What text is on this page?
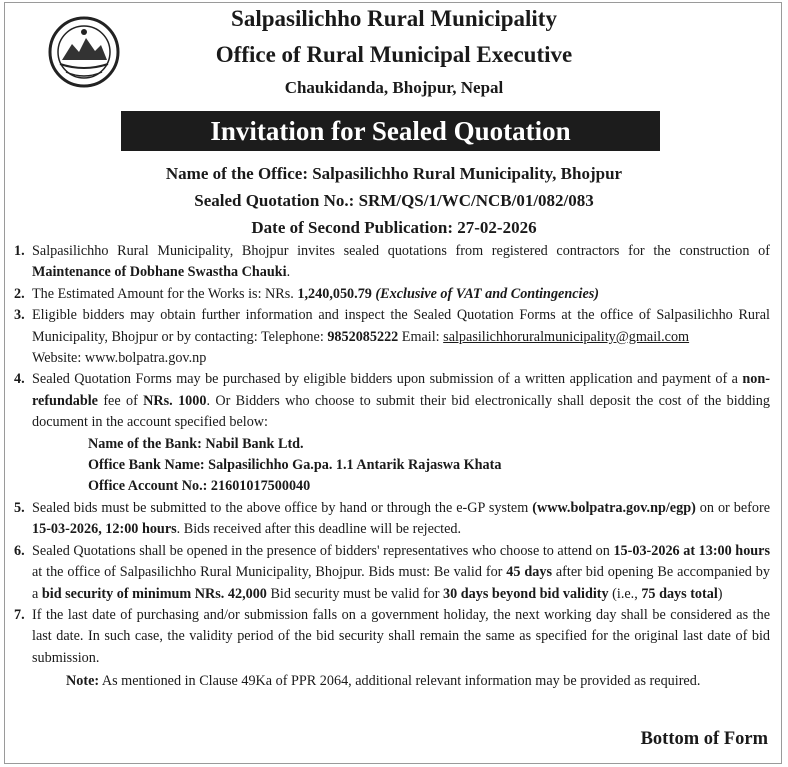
Salpasilichho Rural Municipality
Office of Rural Municipal Executive
Chaukidanda, Bhojpur, Nepal
Invitation for Sealed Quotation
Name of the Office: Salpasilichho Rural Municipality, Bhojpur
Sealed Quotation No.: SRM/QS/1/WC/NCB/01/082/083
Date of Second Publication: 27-02-2026
1. Salpasilichho Rural Municipality, Bhojpur invites sealed quotations from registered contractors for the construction of Maintenance of Dobhane Swastha Chauki.
2. The Estimated Amount for the Works is: NRs. 1,240,050.79 (Exclusive of VAT and Contingencies)
3. Eligible bidders may obtain further information and inspect the Sealed Quotation Forms at the office of Salpasilichho Rural Municipality, Bhojpur or by contacting: Telephone: 9852085222 Email: salpasilichhoruralmunicipality@gmail.com
Website: www.bolpatra.gov.np
4. Sealed Quotation Forms may be purchased by eligible bidders upon submission of a written application and payment of a non-refundable fee of NRs. 1000. Or Bidders who choose to submit their bid electronically shall deposit the cost of the bidding document in the account specified below:
Name of the Bank: Nabil Bank Ltd.
Office Bank Name: Salpasilichho Ga.pa. 1.1 Antarik Rajaswa Khata
Office Account No.: 21601017500040
5. Sealed bids must be submitted to the above office by hand or through the e-GP system (www.bolpatra.gov.np/egp) on or before 15-03-2026, 12:00 hours. Bids received after this deadline will be rejected.
6. Sealed Quotations shall be opened in the presence of bidders' representatives who choose to attend on 15-03-2026 at 13:00 hours at the office of Salpasilichho Rural Municipality, Bhojpur. Bids must: Be valid for 45 days after bid opening Be accompanied by a bid security of minimum NRs. 42,000 Bid security must be valid for 30 days beyond bid validity (i.e., 75 days total)
7. If the last date of purchasing and/or submission falls on a government holiday, the next working day shall be considered as the last date. In such case, the validity period of the bid security shall remain the same as specified for the original last date of bid submission.
Note: As mentioned in Clause 49Ka of PPR 2064, additional relevant information may be provided as required.
Bottom of Form
